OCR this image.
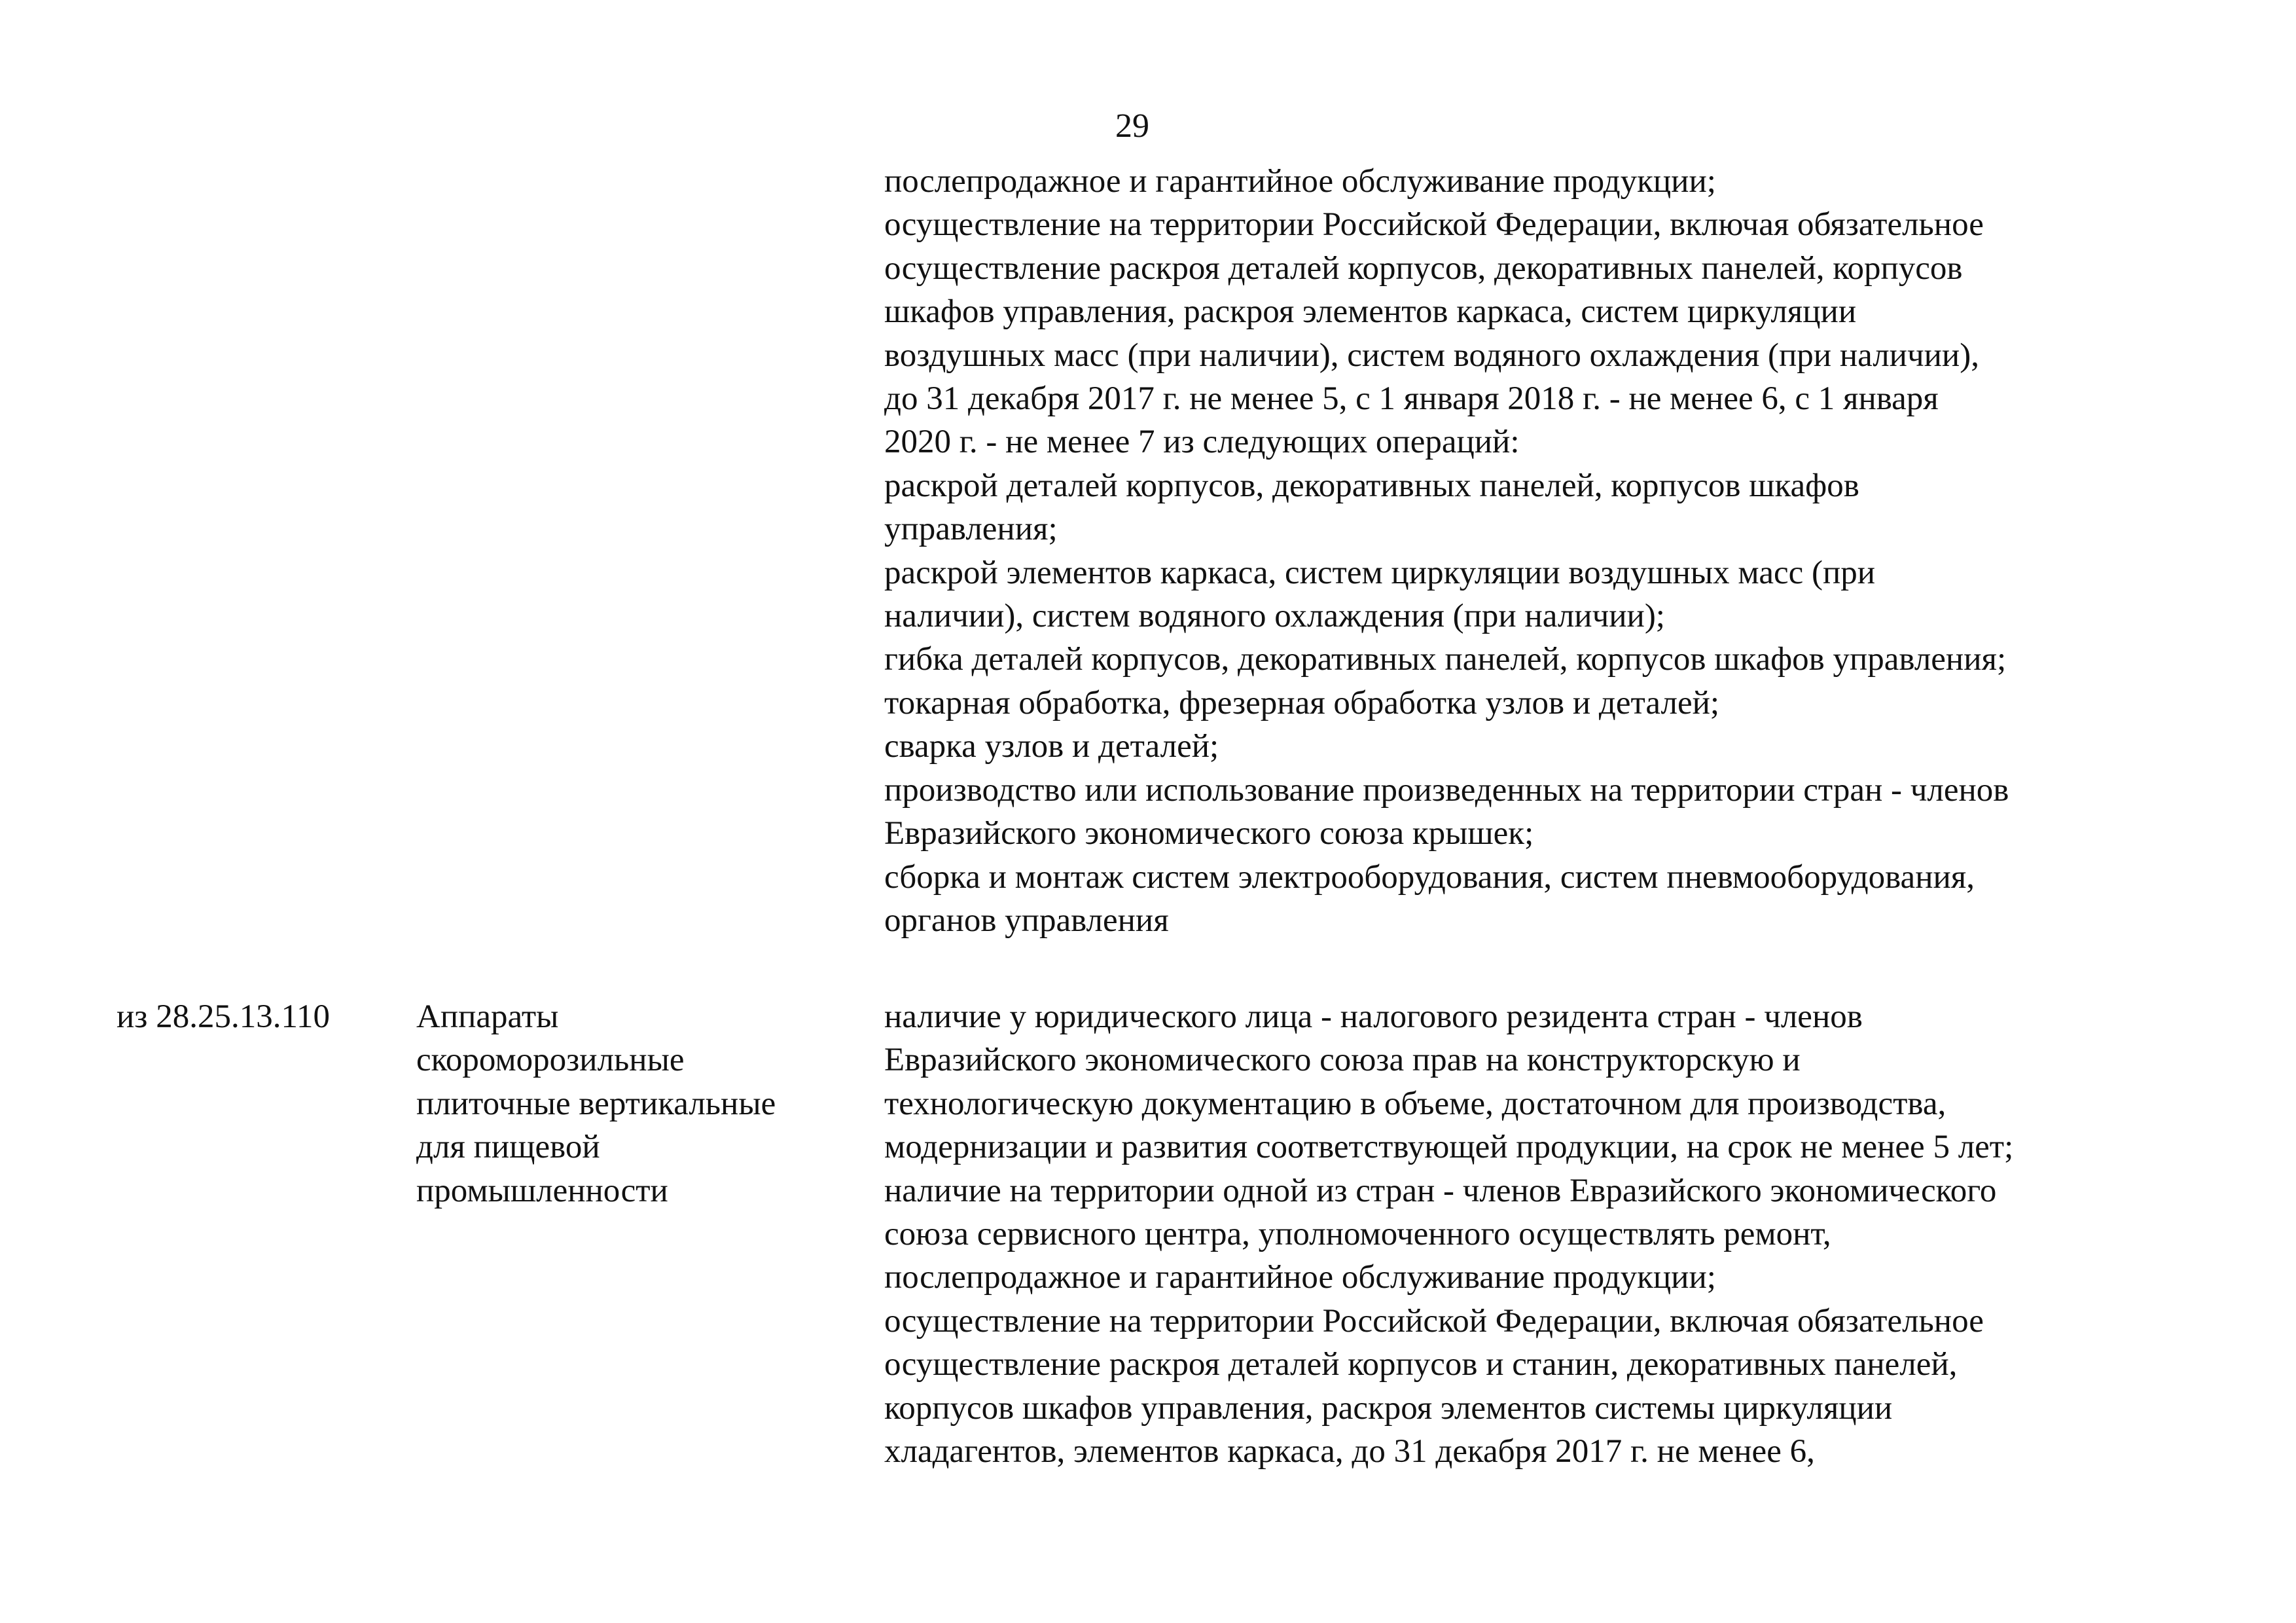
29
послепродажное и гарантийное обслуживание продукции;
осуществление на территории Российской Федерации, включая обязательное
осуществление раскроя деталей корпусов, декоративных панелей, корпусов
шкафов управления, раскроя элементов каркаса, систем циркуляции
воздушных масс (при наличии), систем водяного охлаждения (при наличии),
до 31 декабря 2017 г. не менее 5, с 1 января 2018 г. - не менее 6, с 1 января
2020 г. - не менее 7 из следующих операций:
раскрой деталей корпусов, декоративных панелей, корпусов шкафов
управления;
раскрой элементов каркаса, систем циркуляции воздушных масс (при
наличии), систем водяного охлаждения (при наличии);
гибка деталей корпусов, декоративных панелей, корпусов шкафов управления;
токарная обработка, фрезерная обработка узлов и деталей;
сварка узлов и деталей;
производство или использование произведенных на территории стран - членов
Евразийского экономического союза крышек;
сборка и монтаж систем электрооборудования, систем пневмооборудования,
органов управления
из 28.25.13.110	Аппараты
скороморозильные
плиточные вертикальные
для пищевой
промышленности
наличие у юридического лица - налогового резидента стран - членов
Евразийского экономического союза прав на конструкторскую и
технологическую документацию в объеме, достаточном для производства,
модернизации и развития соответствующей продукции, на срок не менее 5 лет;
наличие на территории одной из стран - членов Евразийского экономического
союза сервисного центра, уполномоченного осуществлять ремонт,
послепродажное и гарантийное обслуживание продукции;
осуществление на территории Российской Федерации, включая обязательное
осуществление раскроя деталей корпусов и станин, декоративных панелей,
корпусов шкафов управления, раскроя элементов системы циркуляции
хладагентов, элементов каркаса, до 31 декабря 2017 г. не менее 6,
